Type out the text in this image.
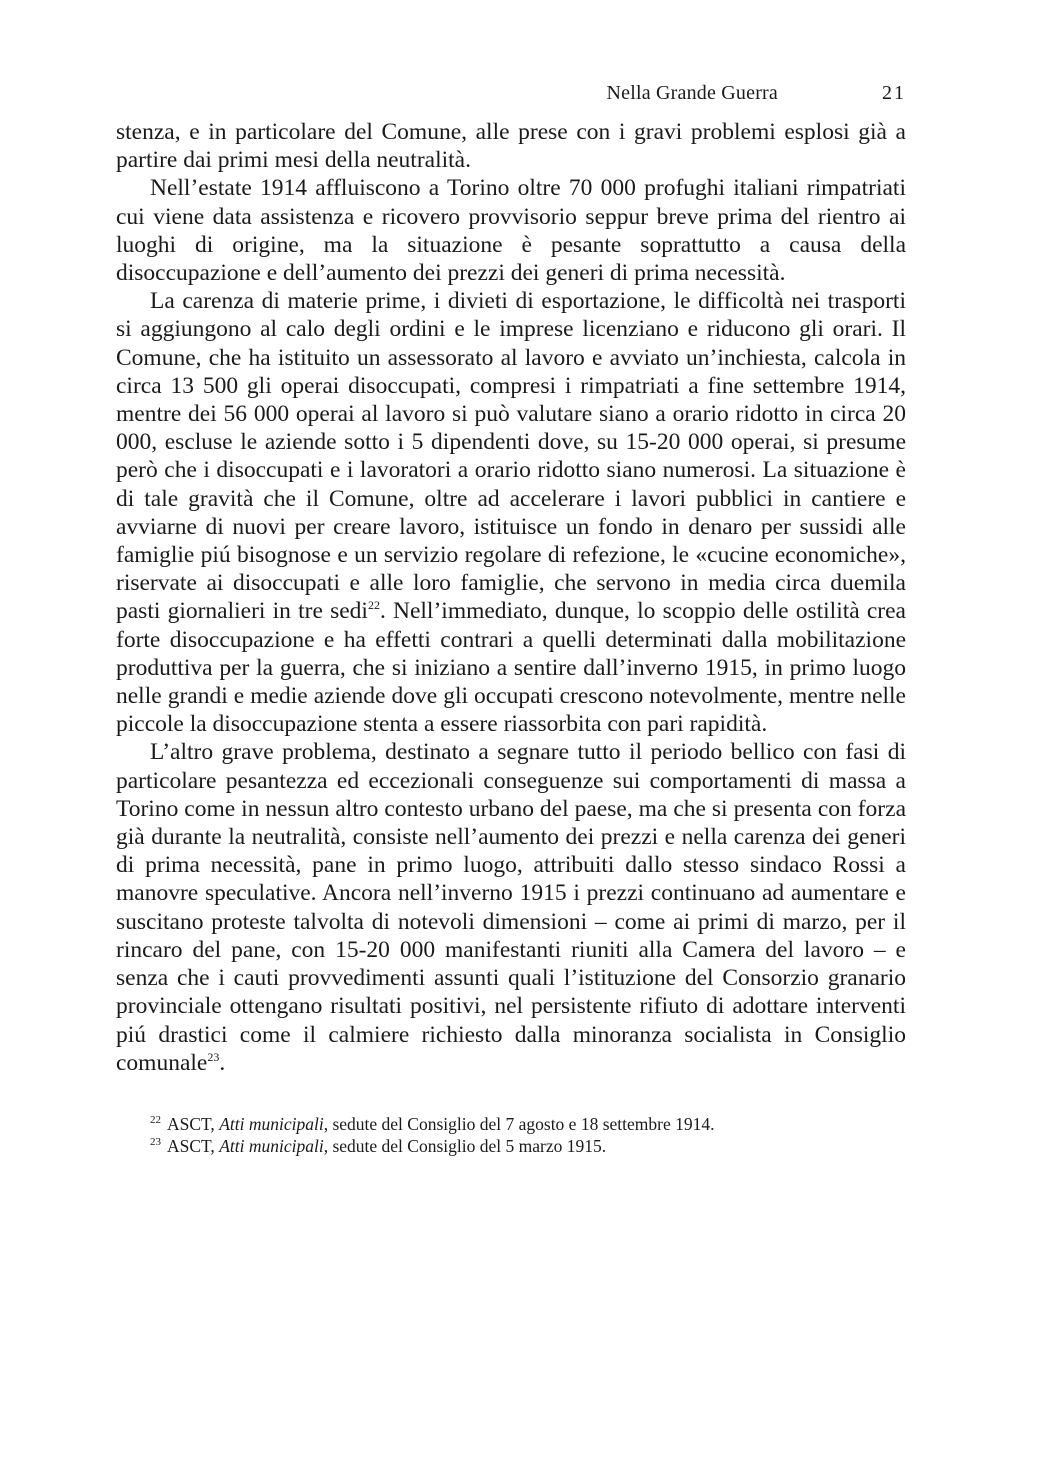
Nella Grande Guerra	21

stenza, e in particolare del Comune, alle prese con i gravi problemi esplosi già a partire dai primi mesi della neutralità.

Nell’estate 1914 affluiscono a Torino oltre 70 000 profughi italiani rimpatriati cui viene data assistenza e ricovero provvisorio seppur breve prima del rientro ai luoghi di origine, ma la situazione è pesante soprattutto a causa della disoccupazione e dell’aumento dei prezzi dei generi di prima necessità.

La carenza di materie prime, i divieti di esportazione, le difficoltà nei trasporti si aggiungono al calo degli ordini e le imprese licenziano e riducono gli orari. Il Comune, che ha istituito un assessorato al lavoro e avviato un’inchiesta, calcola in circa 13 500 gli operai disoccupati, compresi i rimpatriati a fine settembre 1914, mentre dei 56 000 operai al lavoro si può valutare siano a orario ridotto in circa 20 000, escluse le aziende sotto i 5 dipendenti dove, su 15-20 000 operai, si presume però che i disoccupati e i lavoratori a orario ridotto siano numerosi. La situazione è di tale gravità che il Comune, oltre ad accelerare i lavori pubblici in cantiere e avviarne di nuovi per creare lavoro, istituisce un fondo in denaro per sussidi alle famiglie piú bisognose e un servizio regolare di refezione, le «cucine economiche», riservate ai disoccupati e alle loro famiglie, che servono in media circa duemila pasti giornalieri in tre sedi$^{22}$. Nell’immediato, dunque, lo scoppio delle ostilità crea forte disoccupazione e ha effetti contrari a quelli determinati dalla mobilitazione produttiva per la guerra, che si iniziano a sentire dall’inverno 1915, in primo luogo nelle grandi e medie aziende dove gli occupati crescono notevolmente, mentre nelle piccole la disoccupazione stenta a essere riassorbita con pari rapidità.

L’altro grave problema, destinato a segnare tutto il periodo bellico con fasi di particolare pesantezza ed eccezionali conseguenze sui comportamenti di massa a Torino come in nessun altro contesto urbano del paese, ma che si presenta con forza già durante la neutralità, consiste nell’aumento dei prezzi e nella carenza dei generi di prima necessità, pane in primo luogo, attribuiti dallo stesso sindaco Rossi a manovre speculative. Ancora nell’inverno 1915 i prezzi continuano ad aumentare e suscitano proteste talvolta di notevoli dimensioni – come ai primi di marzo, per il rincaro del pane, con 15-20 000 manifestanti riuniti alla Camera del lavoro – e senza che i cauti provvedimenti assunti quali l’istituzione del Consorzio granario provinciale ottengano risultati positivi, nel persistente rifiuto di adottare interventi piú drastici come il calmiere richiesto dalla minoranza socialista in Consiglio comunale$^{23}$.

$^{22}$ ASCT, Atti municipali, sedute del Consiglio del 7 agosto e 18 settembre 1914.

$^{23}$ ASCT, Atti municipali, sedute del Consiglio del 5 marzo 1915.
